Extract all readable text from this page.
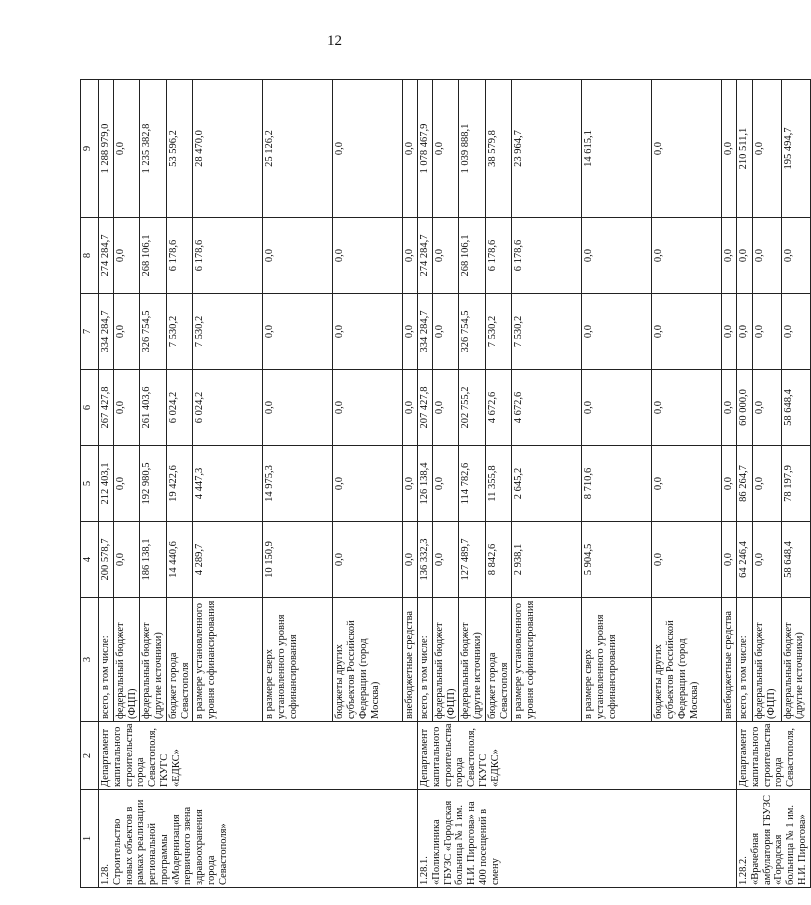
12
1	2	3	4	5	6	7	8	9

1.28. Строительство новых объектов в рамках реализации региональной программы «Модернизация первичного звена здравоохранения города Севастополя»	Департамент капитального строительства города Севастополя, ГКУГС «ЕДКС»	всего, в том числе:	200 578,7	212 403,1	267 427,8	334 284,7	274 284,7	1 288 979,0
		федеральный бюджет (ФЦП)	0,0	0,0	0,0	0,0	0,0	0,0
		федеральный бюджет (другие источники)	186 138,1	192 980,5	261 403,6	326 754,5	268 106,1	1 235 382,8
		бюджет города Севастополя	14 440,6	19 422,6	6 024,2	7 530,2	6 178,6	53 596,2
		в размере установленного уровня софинансирования	4 289,7	4 447,3	6 024,2	7 530,2	6 178,6	28 470,0
		в размере сверх установленного уровня софинансирования	10 150,9	14 975,3	0,0	0,0	0,0	25 126,2
		бюджеты других субъектов Российской Федерации (город Москва)	0,0	0,0	0,0	0,0	0,0	0,0
		внебюджетные средства	0,0	0,0	0,0	0,0	0,0	0,0

1.28.1. «Поликлиника ГБУЗС «Городская больница № 1 им. Н.И. Пирогова» на 400 посещений в смену	Департамент капитального строительства города Севастополя, ГКУГС «ЕДКС»	всего, в том числе:	136 332,3	126 138,4	207 427,8	334 284,7	274 284,7	1 078 467,9
		федеральный бюджет (ФЦП)	0,0	0,0	0,0	0,0	0,0	0,0
		федеральный бюджет (другие источники)	127 489,7	114 782,6	202 755,2	326 754,5	268 106,1	1 039 888,1
		бюджет города Севастополя	8 842,6	11 355,8	4 672,6	7 530,2	6 178,6	38 579,8
		в размере установленного уровня софинансирования	2 938,1	2 645,2	4 672,6	7 530,2	6 178,6	23 964,7
		в размере сверх установленного уровня софинансирования	5 904,5	8 710,6	0,0	0,0	0,0	14 615,1
		бюджеты других субъектов Российской Федерации (город Москва)	0,0	0,0	0,0	0,0	0,0	0,0
		внебюджетные средства	0,0	0,0	0,0	0,0	0,0	0,0

1.28.2. «Врачебная амбулатория ГБУЗС «Городская больница № 1 им. Н.И. Пирогова»	Департамент капитального строительства города Севастополя,	всего, в том числе:	64 246,4	86 264,7	60 000,0	0,0	0,0	210 511,1
		федеральный бюджет (ФЦП)	0,0	0,0	0,0	0,0	0,0	0,0
		федеральный бюджет (другие источники)	58 648,4	78 197,9	58 648,4	0,0	0,0	195 494,7
